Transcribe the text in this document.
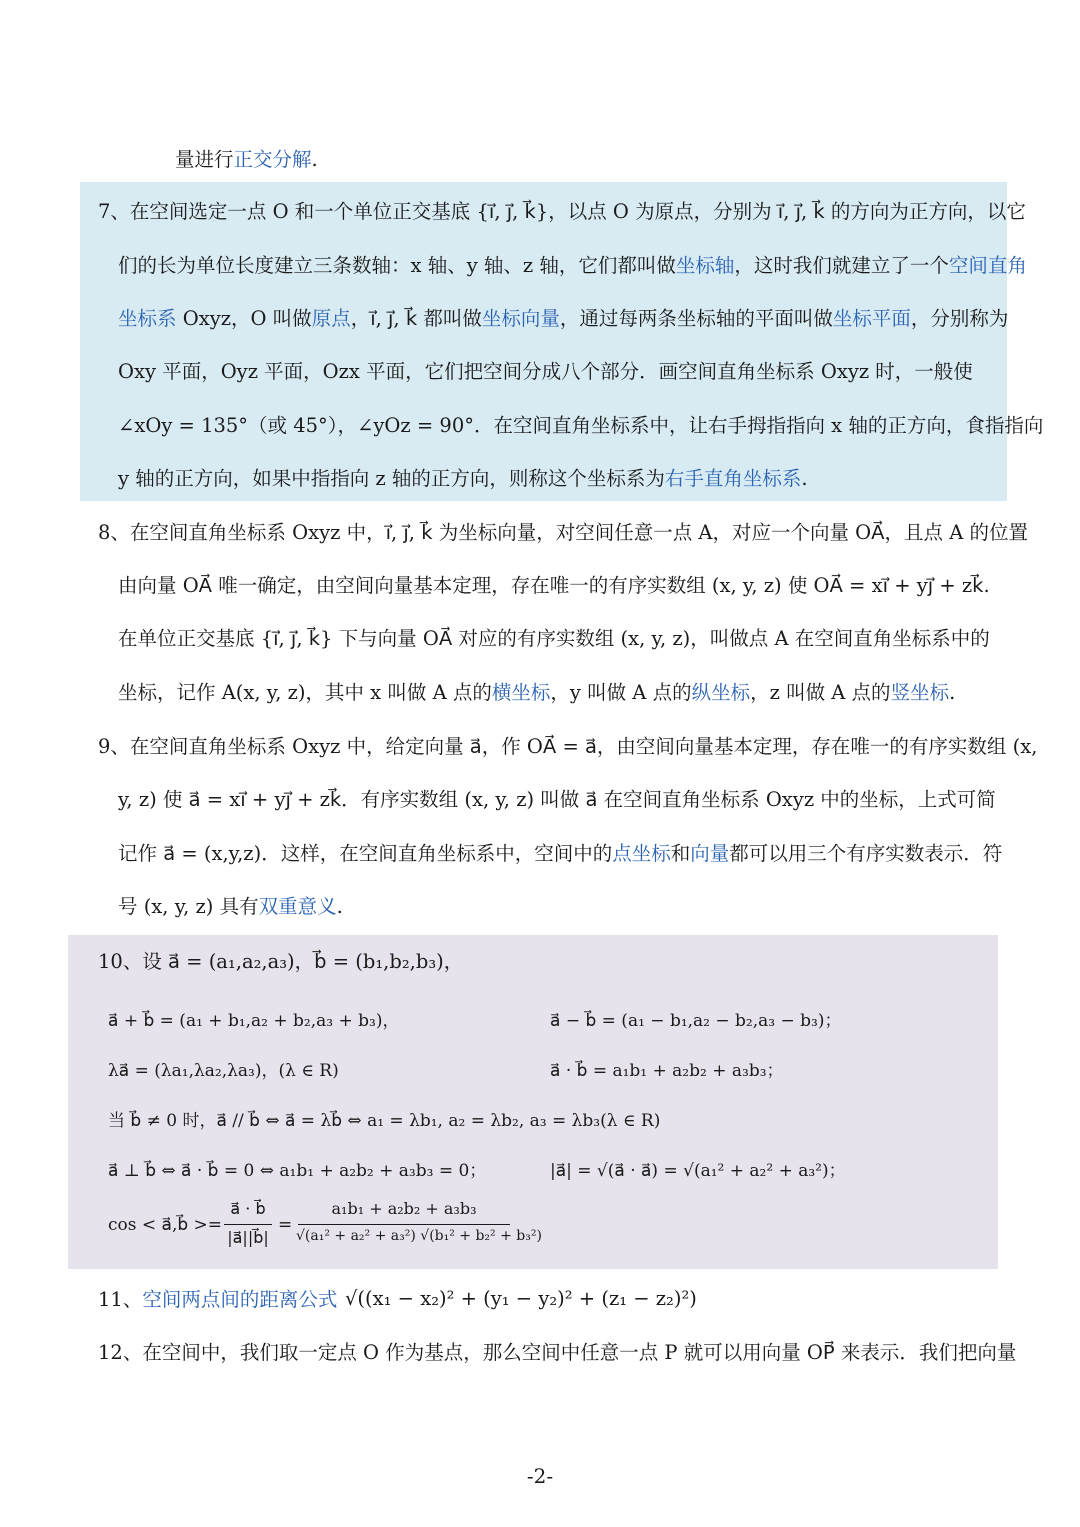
量进行正交分解.
7、在空间选定一点 O 和一个单位正交基底 {i⃗, j⃗, k⃗}，以点 O 为原点，分别为 i⃗, j⃗, k⃗ 的方向为正方向，以它
们的长为单位长度建立三条数轴：x 轴、y 轴、z 轴，它们都叫做坐标轴，这时我们就建立了一个空间直角
坐标系 Oxyz，O 叫做原点，i⃗, j⃗, k⃗ 都叫做坐标向量，通过每两条坐标轴的平面叫做坐标平面，分别称为
Oxy 平面，Oyz 平面，Ozx 平面，它们把空间分成八个部分．画空间直角坐标系 Oxyz 时，一般使
∠xOy = 135°（或 45°），∠yOz = 90°．在空间直角坐标系中，让右手拇指指向 x 轴的正方向，食指指向
y 轴的正方向，如果中指指向 z 轴的正方向，则称这个坐标系为右手直角坐标系.
8、在空间直角坐标系 Oxyz 中，i⃗, j⃗, k⃗ 为坐标向量，对空间任意一点 A，对应一个向量 OA⃗，且点 A 的位置
由向量 OA⃗ 唯一确定，由空间向量基本定理，存在唯一的有序实数组 (x, y, z) 使 OA⃗ = xi⃗ + yj⃗ + zk⃗.
在单位正交基底 {i⃗, j⃗, k⃗} 下与向量 OA⃗ 对应的有序实数组 (x, y, z)，叫做点 A 在空间直角坐标系中的
坐标，记作 A(x, y, z)，其中 x 叫做 A 点的横坐标，y 叫做 A 点的纵坐标，z 叫做 A 点的竖坐标.
9、在空间直角坐标系 Oxyz 中，给定向量 a⃗，作 OA⃗ = a⃗，由空间向量基本定理，存在唯一的有序实数组 (x,
y, z) 使 a⃗ = xi⃗ + yj⃗ + zk⃗．有序实数组 (x, y, z) 叫做 a⃗ 在空间直角坐标系 Oxyz 中的坐标，上式可简
记作 a⃗ = (x,y,z)．这样，在空间直角坐标系中，空间中的点坐标和向量都可以用三个有序实数表示．符
号 (x, y, z) 具有双重意义.
10、设 a⃗ = (a₁,a₂,a₃)，b⃗ = (b₁,b₂,b₃)，
a⃗ + b⃗ = (a₁ + b₁,a₂ + b₂,a₃ + b₃)，	a⃗ − b⃗ = (a₁ − b₁,a₂ − b₂,a₃ − b₃)；
λa⃗ = (λa₁,λa₂,λa₃)，(λ ∈ R)	a⃗ · b⃗ = a₁b₁ + a₂b₂ + a₃b₃；
当 b⃗ ≠ 0 时，a⃗ // b⃗ ⇔ a⃗ = λb⃗ ⇔ a₁ = λb₁, a₂ = λb₂, a₃ = λb₃(λ ∈ R)
a⃗ ⊥ b⃗ ⇔ a⃗ · b⃗ = 0 ⇔ a₁b₁ + a₂b₂ + a₃b₃ = 0；	|a⃗| = √(a⃗ · a⃗) = √(a₁² + a₂² + a₃²)；
cos < a⃗,b⃗ >=
a⃗ · b⃗
|a⃗||b⃗|
=
a₁b₁ + a₂b₂ + a₃b₃
√(a₁² + a₂² + a₃²) √(b₁² + b₂² + b₃²)
11、空间两点间的距离公式 √((x₁ − x₂)² + (y₁ − y₂)² + (z₁ − z₂)²)
12、在空间中，我们取一定点 O 作为基点，那么空间中任意一点 P 就可以用向量 OP⃗ 来表示．我们把向量
-2-
